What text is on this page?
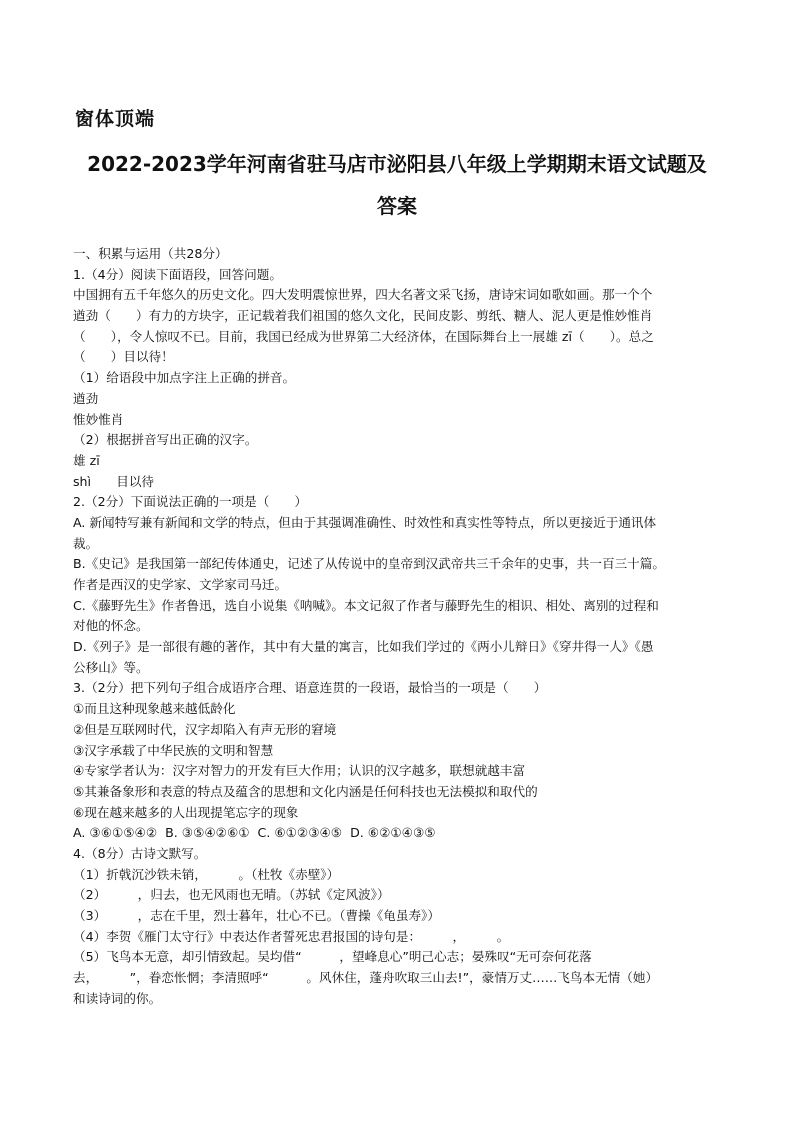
窗体顶端
2022-2023学年河南省驻马店市泌阳县八年级上学期期末语文试题及
答案
一、积累与运用（共28分）
1.（4分）阅读下面语段，回答问题。
中国拥有五千年悠久的历史文化。四大发明震惊世界，四大名著文采飞扬，唐诗宋词如歌如画。那一个个
遒劲（　　）有力的方块字，正记载着我们祖国的悠久文化，民间皮影、剪纸、糖人、泥人更是惟妙惟肖
（　　），令人惊叹不已。目前，我国已经成为世界第二大经济体，在国际舞台上一展雄 zī（　　）。总之
（　　）目以待！
（1）给语段中加点字注上正确的拼音。
遒劲
惟妙惟肖
（2）根据拼音写出正确的汉字。
雄 zī
shì　　目以待
2.（2分）下面说法正确的一项是（　　）
A. 新闻特写兼有新闻和文学的特点，但由于其强调准确性、时效性和真实性等特点，所以更接近于通讯体
裁。
B.《史记》是我国第一部纪传体通史，记述了从传说中的皇帝到汉武帝共三千余年的史事，共一百三十篇。
作者是西汉的史学家、文学家司马迁。
C.《藤野先生》作者鲁迅，选自小说集《呐喊》。本文记叙了作者与藤野先生的相识、相处、离别的过程和
对他的怀念。
D.《列子》是一部很有趣的著作，其中有大量的寓言，比如我们学过的《两小儿辩日》《穿井得一人》《愚
公移山》等。
3.（2分）把下列句子组合成语序合理、语意连贯的一段语，最恰当的一项是（　　）
①而且这种现象越来越低龄化
②但是互联网时代，汉字却陷入有声无形的窘境
③汉字承载了中华民族的文明和智慧
④专家学者认为：汉字对智力的开发有巨大作用；认识的汉字越多，联想就越丰富
⑤其兼备象形和表意的特点及蕴含的思想和文化内涵是任何科技也无法模拟和取代的
⑥现在越来越多的人出现提笔忘字的现象
A. ③⑥①⑤④②  B. ③⑤④②⑥①  C. ⑥①②③④⑤  D. ⑥②①④③⑤
4.（8分）古诗文默写。
（1）折戟沉沙铁未销，　　　。（杜牧《赤壁》）
（2）　　　，归去，也无风雨也无晴。（苏轼《定风波》）
（3）　　　，志在千里，烈士暮年，壮心不已。（曹操《龟虽寿》）
（4）李贺《雁门太守行》中表达作者誓死忠君报国的诗句是：　　　，　　　。
（5）飞鸟本无意，却引情致起。吴均借“　　　，望峰息心”明己心志；晏殊叹“无可奈何花落
去，　　　”，眷恋怅惘；李清照呼“　　　。风休住，蓬舟吹取三山去!”，豪情万丈……飞鸟本无情（她）
和读诗词的你。
